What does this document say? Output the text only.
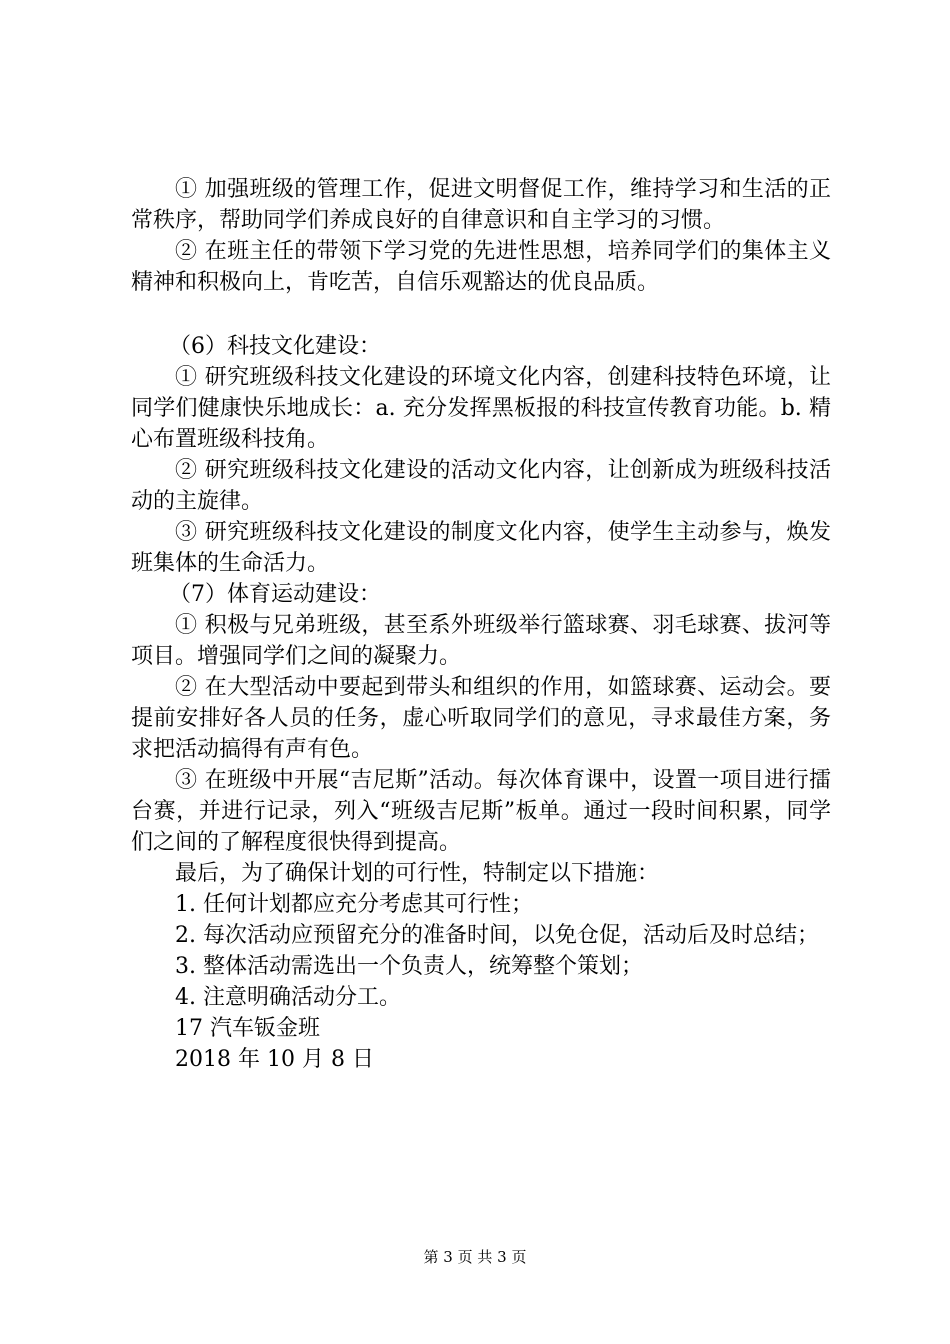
① 加强班级的管理工作，促进文明督促工作，维持学习和生活的正常秩序，帮助同学们养成良好的自律意识和自主学习的习惯。

② 在班主任的带领下学习党的先进性思想，培养同学们的集体主义精神和积极向上，肯吃苦，自信乐观豁达的优良品质。

（6）科技文化建设：

① 研究班级科技文化建设的环境文化内容，创建科技特色环境，让同学们健康快乐地成长：a. 充分发挥黑板报的科技宣传教育功能。b. 精心布置班级科技角。

② 研究班级科技文化建设的活动文化内容，让创新成为班级科技活动的主旋律。

③ 研究班级科技文化建设的制度文化内容，使学生主动参与，焕发班集体的生命活力。

（7）体育运动建设：

① 积极与兄弟班级，甚至系外班级举行篮球赛、羽毛球赛、拔河等项目。增强同学们之间的凝聚力。

② 在大型活动中要起到带头和组织的作用，如篮球赛、运动会。要提前安排好各人员的任务，虚心听取同学们的意见，寻求最佳方案，务求把活动搞得有声有色。

③ 在班级中开展“吉尼斯”活动。每次体育课中，设置一项目进行擂台赛，并进行记录，列入“班级吉尼斯”板单。通过一段时间积累，同学们之间的了解程度很快得到提高。

最后，为了确保计划的可行性，特制定以下措施：

1. 任何计划都应充分考虑其可行性；

2. 每次活动应预留充分的准备时间，以免仓促，活动后及时总结；

3. 整体活动需选出一个负责人，统筹整个策划；

4. 注意明确活动分工。

17 汽车钣金班

2018 年 10 月 8 日

第 3 页 共 3 页
